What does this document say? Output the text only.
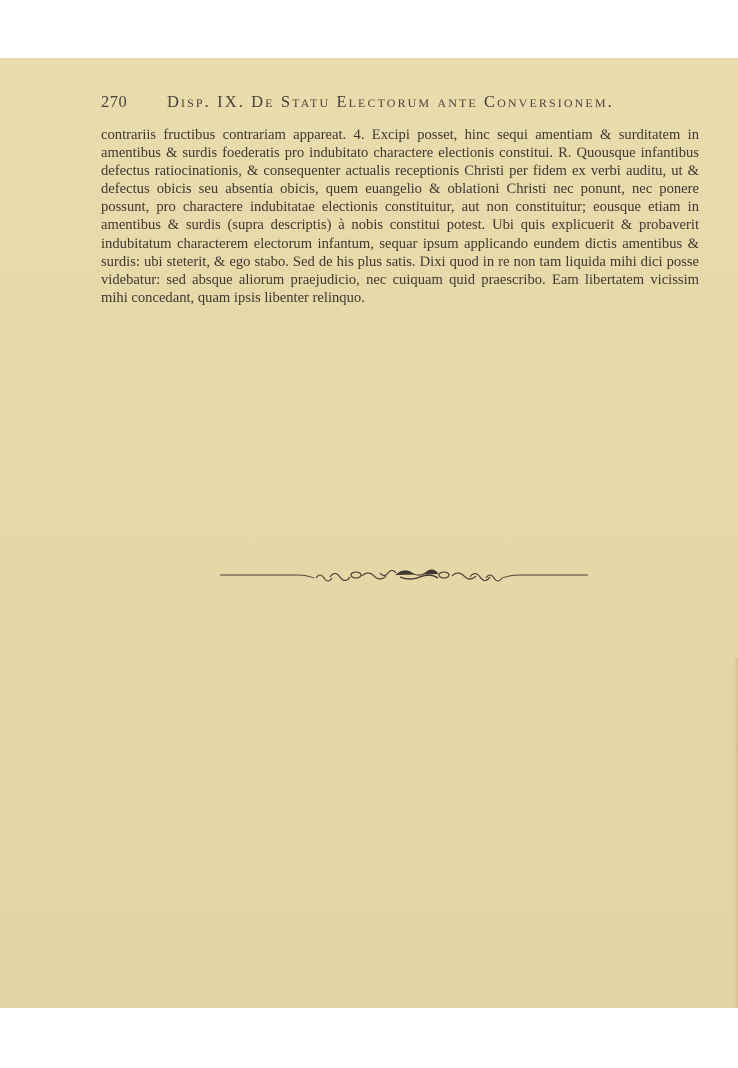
270 Disp. IX. De Statu Electorum ante Conversionem.

contrariis fructibus contrariam appareat. 4. Excipi posset, hinc sequi amentiam & surditatem in amentibus & surdis foederatis pro indubitato charactere electionis constitui. R. Quousque infantibus defectus ratiocinationis, & consequenter actualis receptionis Christi per fidem ex verbi auditu, ut & defectus obicis seu absentia obicis, quem euangelio & oblationi Christi nec ponunt, nec ponere possunt, pro charactere indubitatae electionis constituitur, aut non constituitur; eousque etiam in amentibus & surdis (supra descriptis) à nobis constitui potest. Ubi quis explicuerit & probaverit indubitatum characterem electorum infantum, sequar ipsum applicando eundem dictis amentibus & surdis: ubi steterit, & ego stabo. Sed de his plus satis. Dixi quod in re non tam liquida mihi dici posse videbatur: sed absque aliorum praejudicio, nec cuiquam quid praescribo. Eam libertatem vicissim mihi concedant, quam ipsis libenter relinquo.
